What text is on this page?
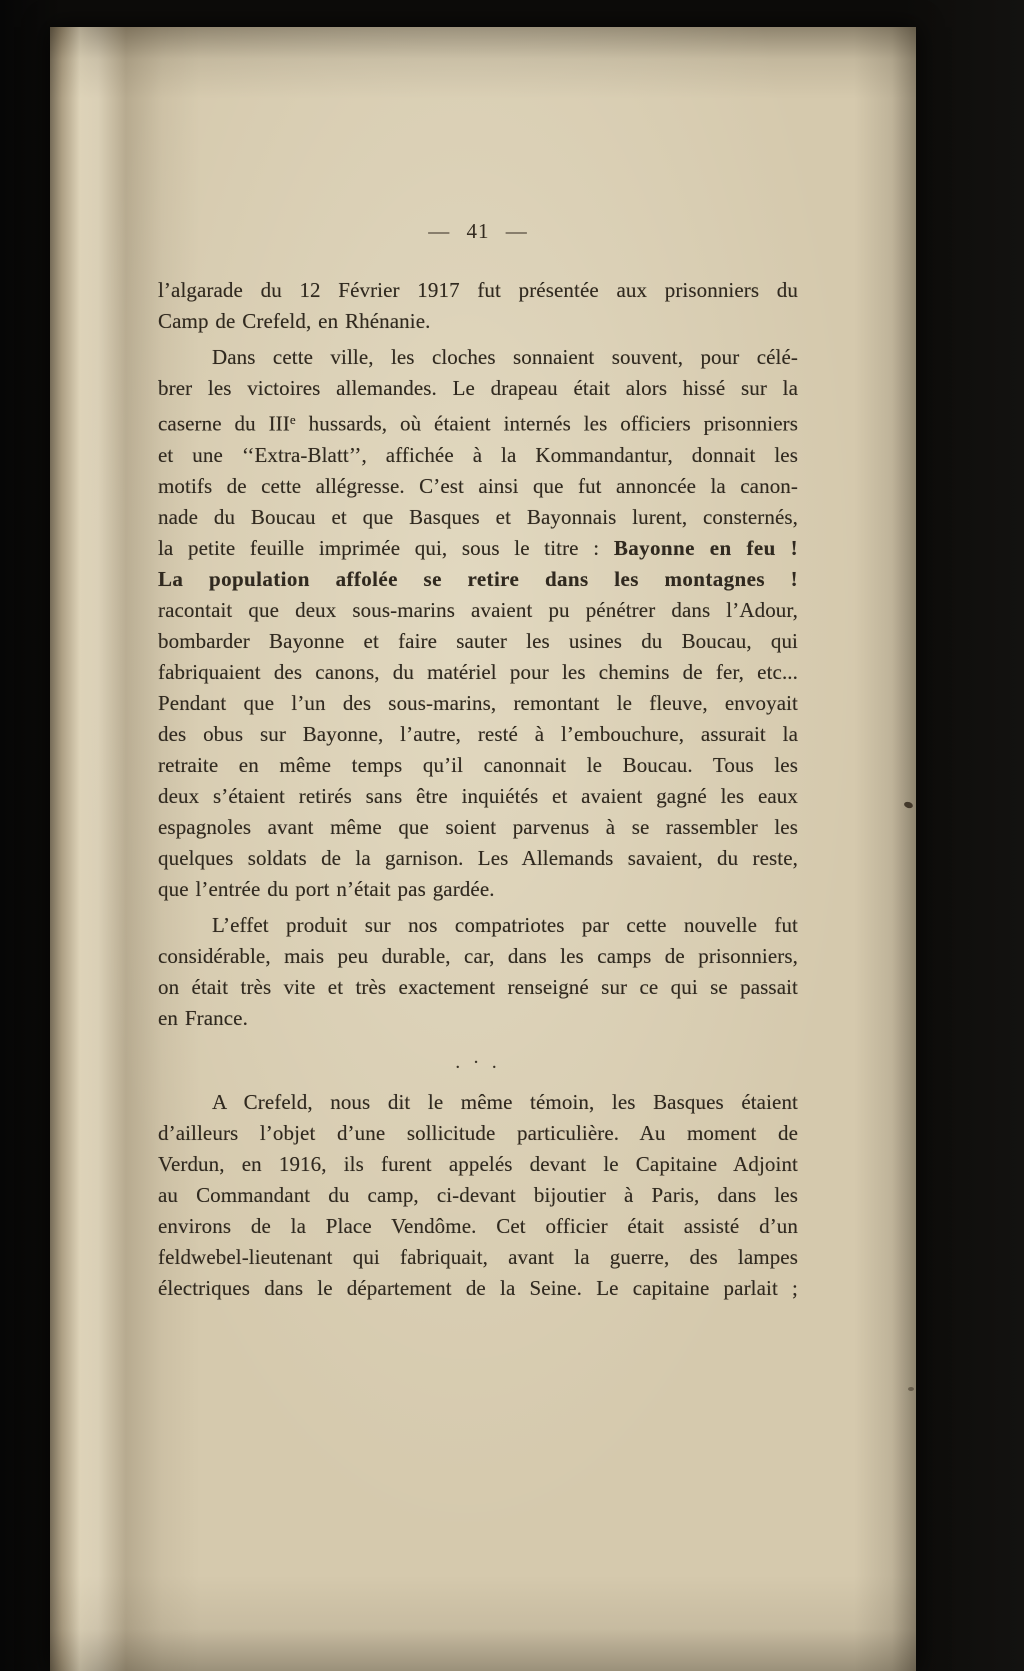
— 41 —
l’algarade du 12 Février 1917 fut présentée aux prisonniers du
Camp de Crefeld, en Rhénanie.
Dans cette ville, les cloches sonnaient souvent, pour célé-
brer les victoires allemandes. Le drapeau était alors hissé sur la
caserne du IIIe hussards, où étaient internés les officiers prisonniers
et une ‘‘Extra-Blatt’’, affichée à la Kommandantur, donnait les
motifs de cette allégresse. C’est ainsi que fut annoncée la canon-
nade du Boucau et que Basques et Bayonnais lurent, consternés,
la petite feuille imprimée qui, sous le titre : Bayonne en feu !
La population affolée se retire dans les montagnes !
racontait que deux sous-marins avaient pu pénétrer dans l’Adour,
bombarder Bayonne et faire sauter les usines du Boucau, qui
fabriquaient des canons, du matériel pour les chemins de fer, etc...
Pendant que l’un des sous-marins, remontant le fleuve, envoyait
des obus sur Bayonne, l’autre, resté à l’embouchure, assurait la
retraite en même temps qu’il canonnait le Boucau. Tous les
deux s’étaient retirés sans être inquiétés et avaient gagné les eaux
espagnoles avant même que soient parvenus à se rassembler les
quelques soldats de la garnison. Les Allemands savaient, du reste,
que l’entrée du port n’était pas gardée.
L’effet produit sur nos compatriotes par cette nouvelle fut
considérable, mais peu durable, car, dans les camps de prisonniers,
on était très vite et très exactement renseigné sur ce qui se passait
en France.
. · .
A Crefeld, nous dit le même témoin, les Basques étaient
d’ailleurs l’objet d’une sollicitude particulière. Au moment de
Verdun, en 1916, ils furent appelés devant le Capitaine Adjoint
au Commandant du camp, ci-devant bijoutier à Paris, dans les
environs de la Place Vendôme. Cet officier était assisté d’un
feldwebel-lieutenant qui fabriquait, avant la guerre, des lampes
électriques dans le département de la Seine. Le capitaine parlait ;
